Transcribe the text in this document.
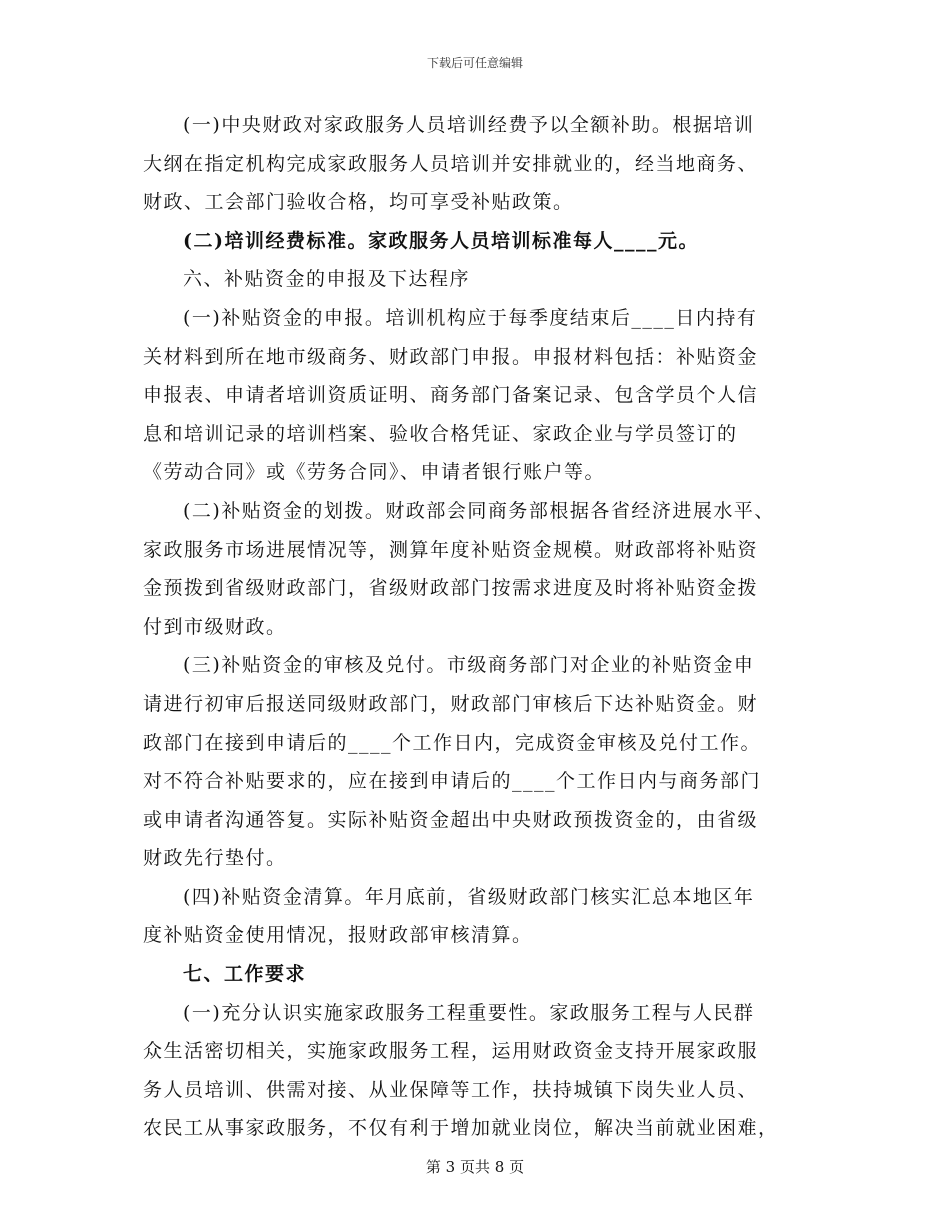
下载后可任意编辑
(一)中央财政对家政服务人员培训经费予以全额补助。根据培训
大纲在指定机构完成家政服务人员培训并安排就业的，经当地商务、
财政、工会部门验收合格，均可享受补贴政策。
(二)培训经费标准。家政服务人员培训标准每人____元。
六、补贴资金的申报及下达程序
(一)补贴资金的申报。培训机构应于每季度结束后____日内持有
关材料到所在地市级商务、财政部门申报。申报材料包括：补贴资金
申报表、申请者培训资质证明、商务部门备案记录、包含学员个人信
息和培训记录的培训档案、验收合格凭证、家政企业与学员签订的
《劳动合同》或《劳务合同》、申请者银行账户等。
(二)补贴资金的划拨。财政部会同商务部根据各省经济进展水平、
家政服务市场进展情况等，测算年度补贴资金规模。财政部将补贴资
金预拨到省级财政部门，省级财政部门按需求进度及时将补贴资金拨
付到市级财政。
(三)补贴资金的审核及兑付。市级商务部门对企业的补贴资金申
请进行初审后报送同级财政部门，财政部门审核后下达补贴资金。财
政部门在接到申请后的____个工作日内，完成资金审核及兑付工作。
对不符合补贴要求的，应在接到申请后的____个工作日内与商务部门
或申请者沟通答复。实际补贴资金超出中央财政预拨资金的，由省级
财政先行垫付。
(四)补贴资金清算。年月底前，省级财政部门核实汇总本地区年
度补贴资金使用情况，报财政部审核清算。
七、工作要求
(一)充分认识实施家政服务工程重要性。家政服务工程与人民群
众生活密切相关，实施家政服务工程，运用财政资金支持开展家政服
务人员培训、供需对接、从业保障等工作，扶持城镇下岗失业人员、
农民工从事家政服务，不仅有利于增加就业岗位，解决当前就业困难，
第 3 页共 8 页
